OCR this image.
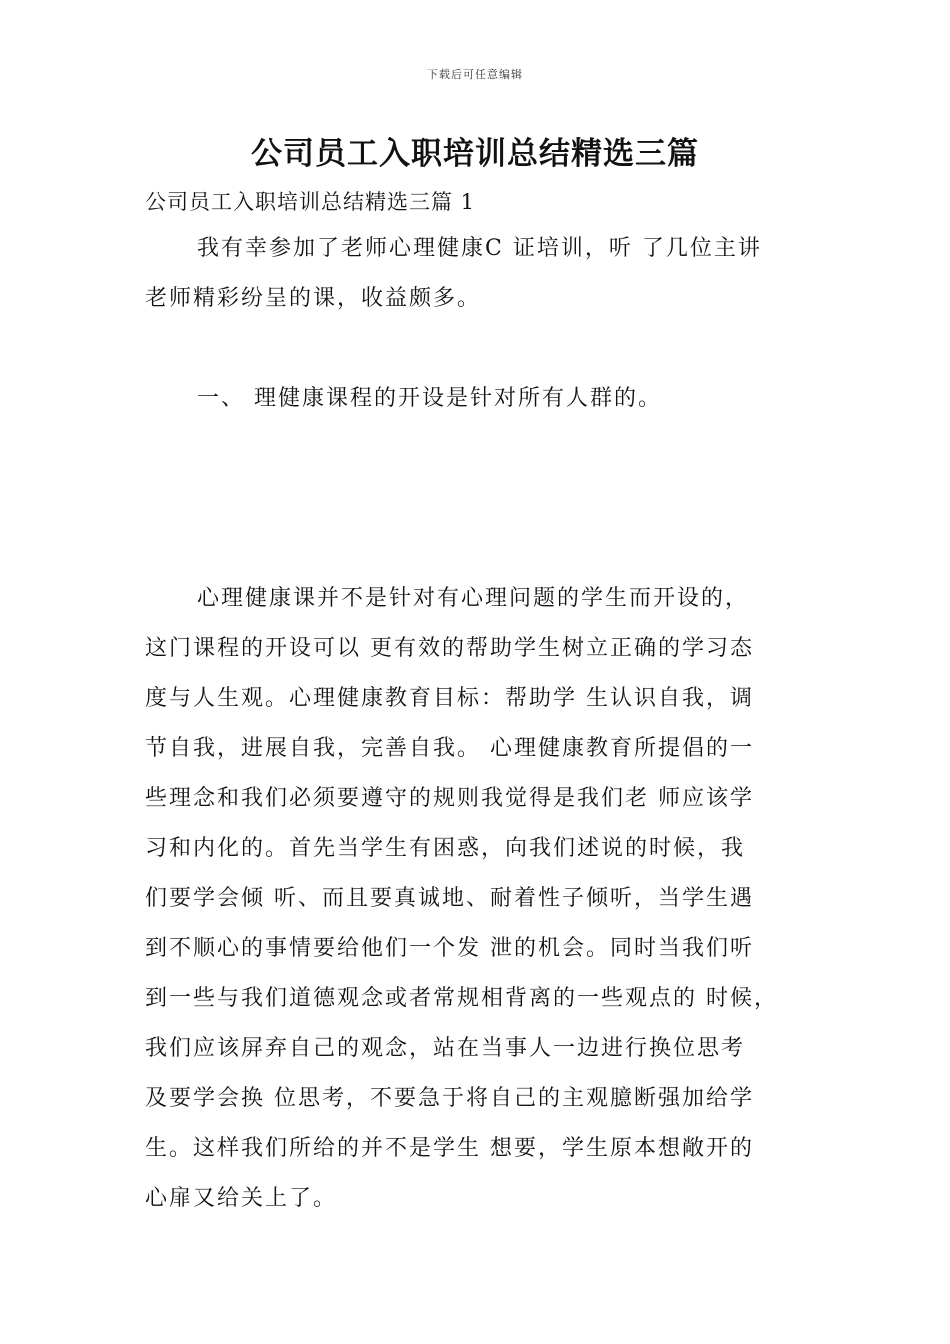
下载后可任意编辑
公司员工入职培训总结精选三篇
公司员工入职培训总结精选三篇 1
我有幸参加了老师心理健康C 证培训，听 了几位主讲
老师精彩纷呈的课，收益颇多。
一、 理健康课程的开设是针对所有人群的。
心理健康课并不是针对有心理问题的学生而开设的，
这门课程的开设可以 更有效的帮助学生树立正确的学习态
度与人生观。心理健康教育目标：帮助学 生认识自我，调
节自我，进展自我，完善自我。 心理健康教育所提倡的一
些理念和我们必须要遵守的规则我觉得是我们老 师应该学
习和内化的。首先当学生有困惑，向我们述说的时候，我
们要学会倾 听、而且要真诚地、耐着性子倾听，当学生遇
到不顺心的事情要给他们一个发 泄的机会。同时当我们听
到一些与我们道德观念或者常规相背离的一些观点的 时候，
我们应该屏弃自己的观念，站在当事人一边进行换位思考
及要学会换 位思考，不要急于将自己的主观臆断强加给学
生。这样我们所给的并不是学生 想要，学生原本想敞开的
心扉又给关上了。
